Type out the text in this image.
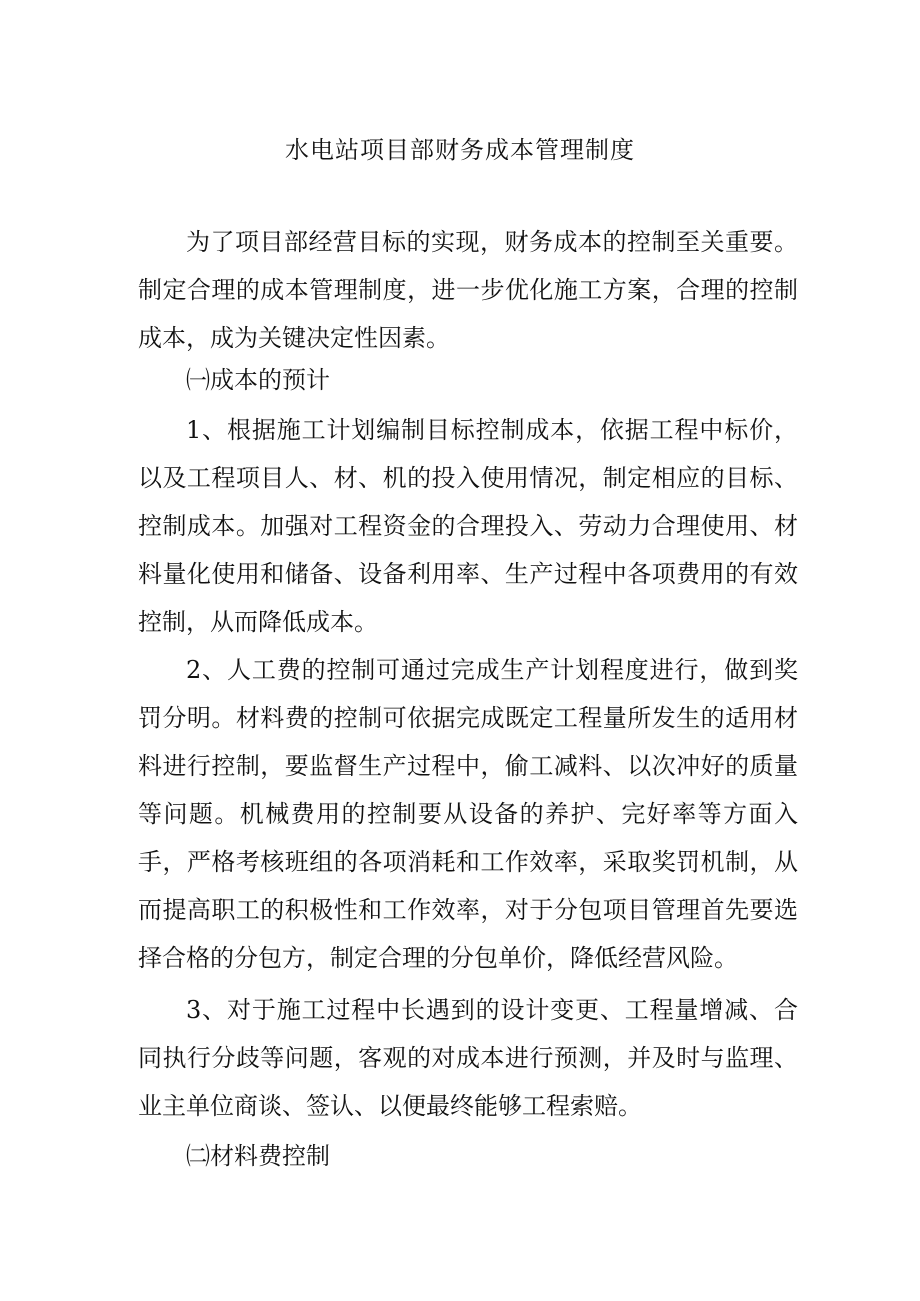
水电站项目部财务成本管理制度

为了项目部经营目标的实现，财务成本的控制至关重要。制定合理的成本管理制度，进一步优化施工方案，合理的控制成本，成为关键决定性因素。

㈠成本的预计

1、根据施工计划编制目标控制成本，依据工程中标价，以及工程项目人、材、机的投入使用情况，制定相应的目标、控制成本。加强对工程资金的合理投入、劳动力合理使用、材料量化使用和储备、设备利用率、生产过程中各项费用的有效控制，从而降低成本。

2、人工费的控制可通过完成生产计划程度进行，做到奖罚分明。材料费的控制可依据完成既定工程量所发生的适用材料进行控制，要监督生产过程中，偷工减料、以次冲好的质量等问题。机械费用的控制要从设备的养护、完好率等方面入手，严格考核班组的各项消耗和工作效率，采取奖罚机制，从而提高职工的积极性和工作效率，对于分包项目管理首先要选择合格的分包方，制定合理的分包单价，降低经营风险。

3、对于施工过程中长遇到的设计变更、工程量增减、合同执行分歧等问题，客观的对成本进行预测，并及时与监理、业主单位商谈、签认、以便最终能够工程索赔。

㈡材料费控制
